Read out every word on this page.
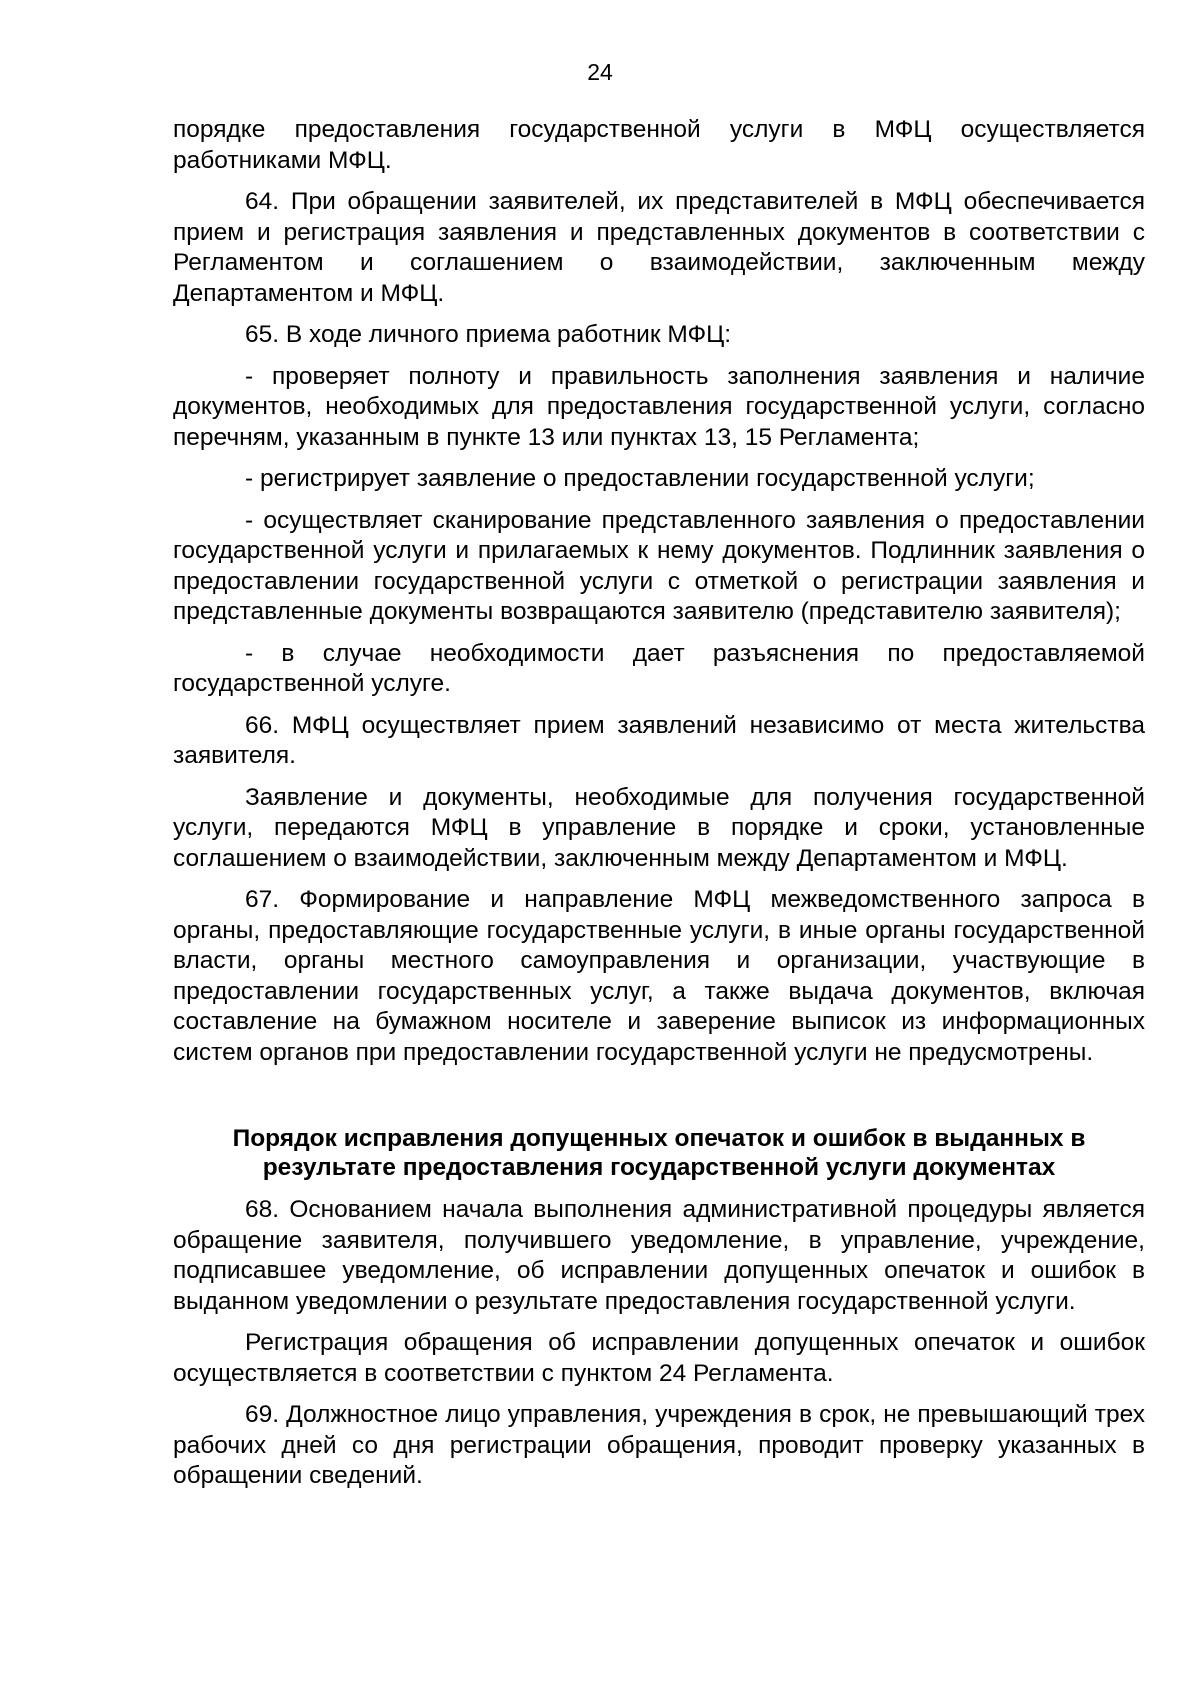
24

порядке предоставления государственной услуги в МФЦ осуществляется работниками МФЦ.

64. При обращении заявителей, их представителей в МФЦ обеспечивается прием и регистрация заявления и представленных документов в соответствии с Регламентом и соглашением о взаимодействии, заключенным между Департаментом и МФЦ.

65. В ходе личного приема работник МФЦ:

- проверяет полноту и правильность заполнения заявления и наличие документов, необходимых для предоставления государственной услуги, согласно перечням, указанным в пункте 13 или пунктах 13, 15 Регламента;

- регистрирует заявление о предоставлении государственной услуги;

- осуществляет сканирование представленного заявления о предоставлении государственной услуги и прилагаемых к нему документов. Подлинник заявления о предоставлении государственной услуги с отметкой о регистрации заявления и представленные документы возвращаются заявителю (представителю заявителя);

- в случае необходимости дает разъяснения по предоставляемой государственной услуге.

66. МФЦ осуществляет прием заявлений независимо от места жительства заявителя.

Заявление и документы, необходимые для получения государственной услуги, передаются МФЦ в управление в порядке и сроки, установленные соглашением о взаимодействии, заключенным между Департаментом и МФЦ.

67. Формирование и направление МФЦ межведомственного запроса в органы, предоставляющие государственные услуги, в иные органы государственной власти, органы местного самоуправления и организации, участвующие в предоставлении государственных услуг, а также выдача документов, включая составление на бумажном носителе и заверение выписок из информационных систем органов при предоставлении государственной услуги не предусмотрены.

Порядок исправления допущенных опечаток и ошибок в выданных в результате предоставления государственной услуги документах

68. Основанием начала выполнения административной процедуры является обращение заявителя, получившего уведомление, в управление, учреждение, подписавшее уведомление, об исправлении допущенных опечаток и ошибок в выданном уведомлении о результате предоставления государственной услуги.

Регистрация обращения об исправлении допущенных опечаток и ошибок осуществляется в соответствии с пунктом 24 Регламента.

69. Должностное лицо управления, учреждения в срок, не превышающий трех рабочих дней со дня регистрации обращения, проводит проверку указанных в обращении сведений.
